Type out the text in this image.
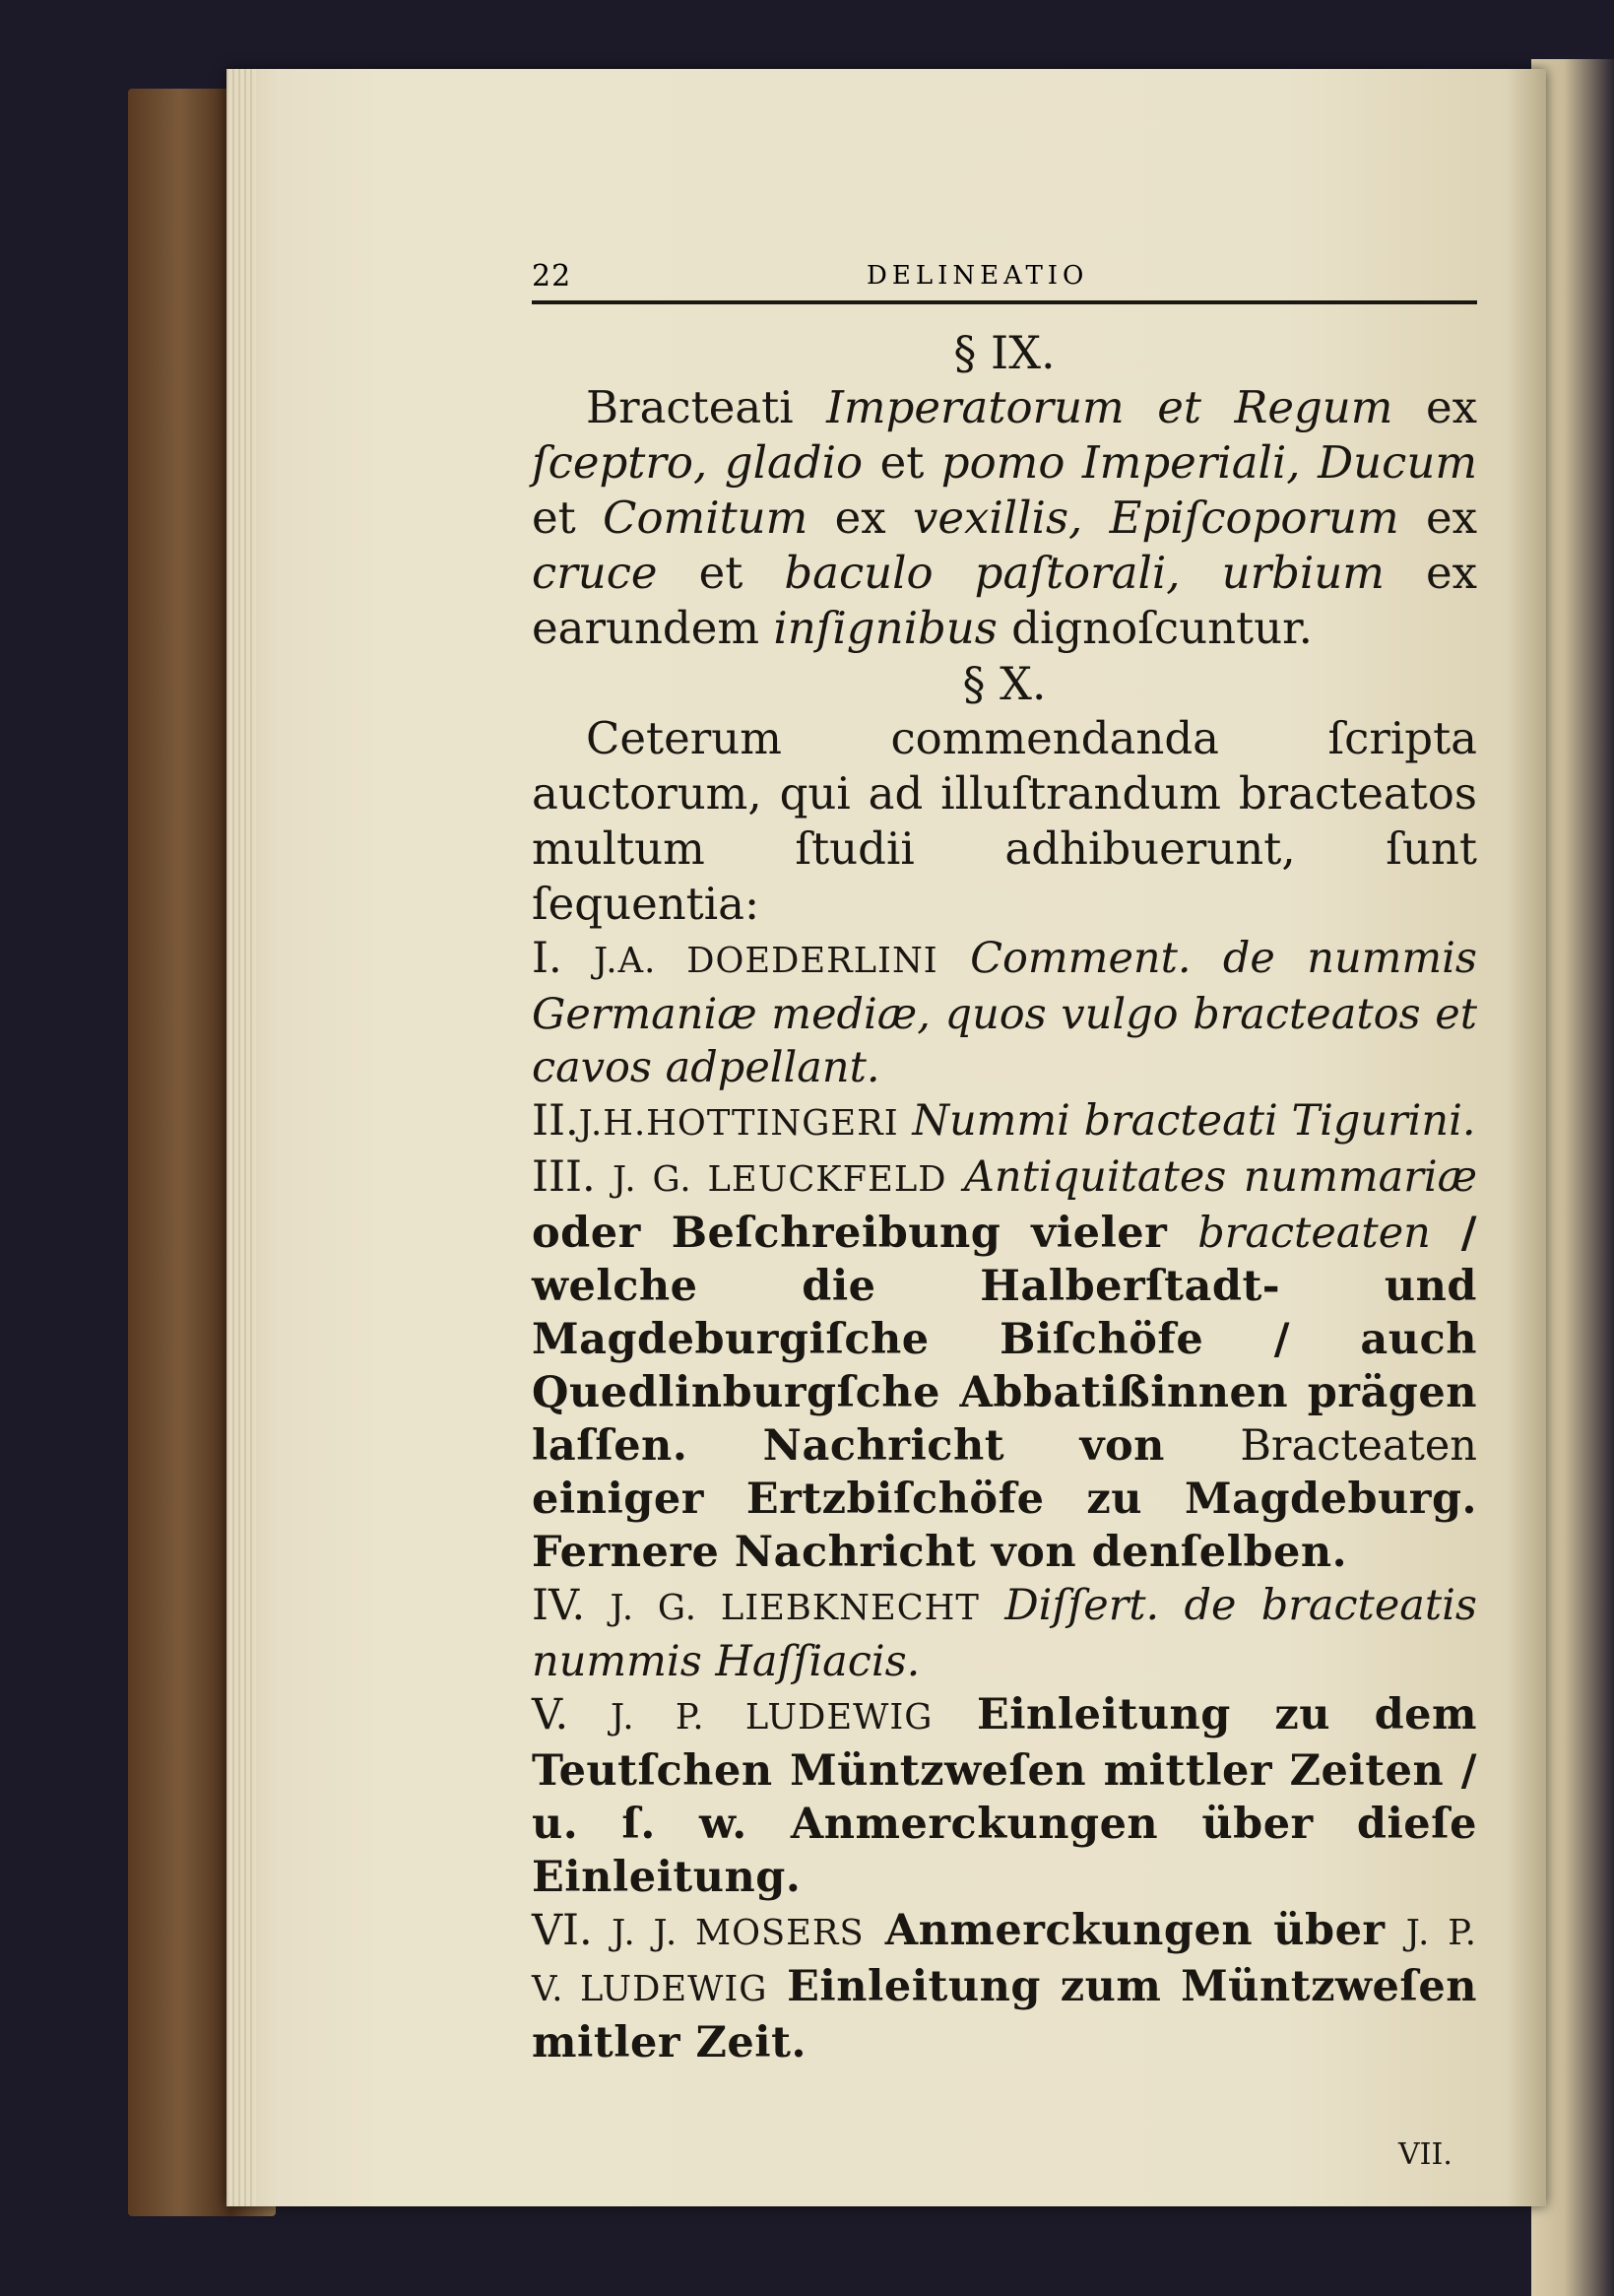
22	DELINEATIO

§ IX.

Bracteati Imperatorum et Regum ex ſceptro, gladio et pomo Imperiali, Ducum et Comitum ex vexillis, Epiſcoporum ex cruce et baculo paſtorali, urbium ex earundem inſignibus dignoſcuntur.

§ X.

Ceterum commendanda ſcripta auctorum, qui ad illuſtrandum bracteatos multum ſtudii adhibuerunt, ſunt ſequentia:

I. J.A. DOEDERLINI Comment. de nummis Germaniæ mediæ, quos vulgo bracteatos et cavos adpellant.

II.J.H.HOTTINGERI Nummi bracteati Tigurini.

III. J. G. LEUCKFELD Antiquitates nummariæ oder Beſchreibung vieler bracteaten / welche die Halberſtadt- und Magdeburgiſche Biſchöfe / auch Quedlinburgſche Abbatißinnen prägen laſſen. Nachricht von Bracteaten einiger Ertzbiſchöfe zu Magdeburg. Fernere Nachricht von denſelben.

IV. J. G. LIEBKNECHT Diſſert. de bracteatis nummis Haſſiacis.

V. J. P. LUDEWIG Einleitung zu dem Teutſchen Müntzweſen mittler Zeiten / u. ſ. w. Anmerckungen über dieſe Einleitung.

VI. J. J. MOSERS Anmerckungen über J. P. V. LUDEWIG Einleitung zum Müntzweſen mitler Zeit.

VII.
